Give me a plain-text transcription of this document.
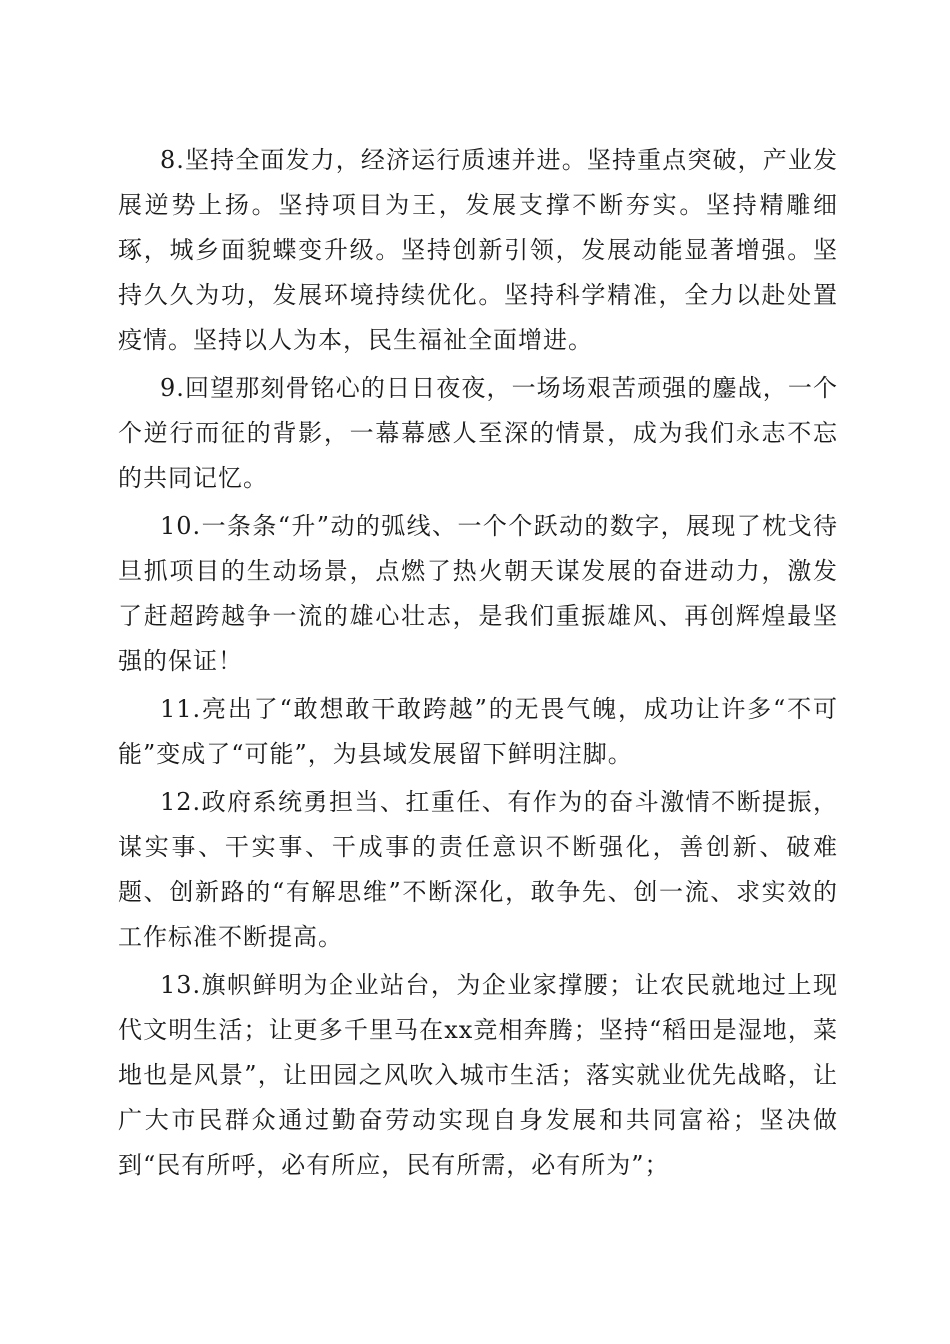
8.坚持全面发力，经济运行质速并进。坚持重点突破，产业发展逆势上扬。坚持项目为王，发展支撑不断夯实。坚持精雕细琢，城乡面貌蝶变升级。坚持创新引领，发展动能显著增强。坚持久久为功，发展环境持续优化。坚持科学精准，全力以赴处置疫情。坚持以人为本，民生福祉全面增进。

9.回望那刻骨铭心的日日夜夜，一场场艰苦顽强的鏖战，一个个逆行而征的背影，一幕幕感人至深的情景，成为我们永志不忘的共同记忆。

10.一条条“升”动的弧线、一个个跃动的数字，展现了枕戈待旦抓项目的生动场景，点燃了热火朝天谋发展的奋进动力，激发了赶超跨越争一流的雄心壮志，是我们重振雄风、再创辉煌最坚强的保证！

11.亮出了“敢想敢干敢跨越”的无畏气魄，成功让许多“不可能”变成了“可能”，为县域发展留下鲜明注脚。

12.政府系统勇担当、扛重任、有作为的奋斗激情不断提振，谋实事、干实事、干成事的责任意识不断强化，善创新、破难题、创新路的“有解思维”不断深化，敢争先、创一流、求实效的工作标准不断提高。

13.旗帜鲜明为企业站台，为企业家撑腰；让农民就地过上现代文明生活；让更多千里马在xx竞相奔腾；坚持“稻田是湿地，菜地也是风景”，让田园之风吹入城市生活；落实就业优先战略，让广大市民群众通过勤奋劳动实现自身发展和共同富裕；坚决做到“民有所呼，必有所应，民有所需，必有所为”；
